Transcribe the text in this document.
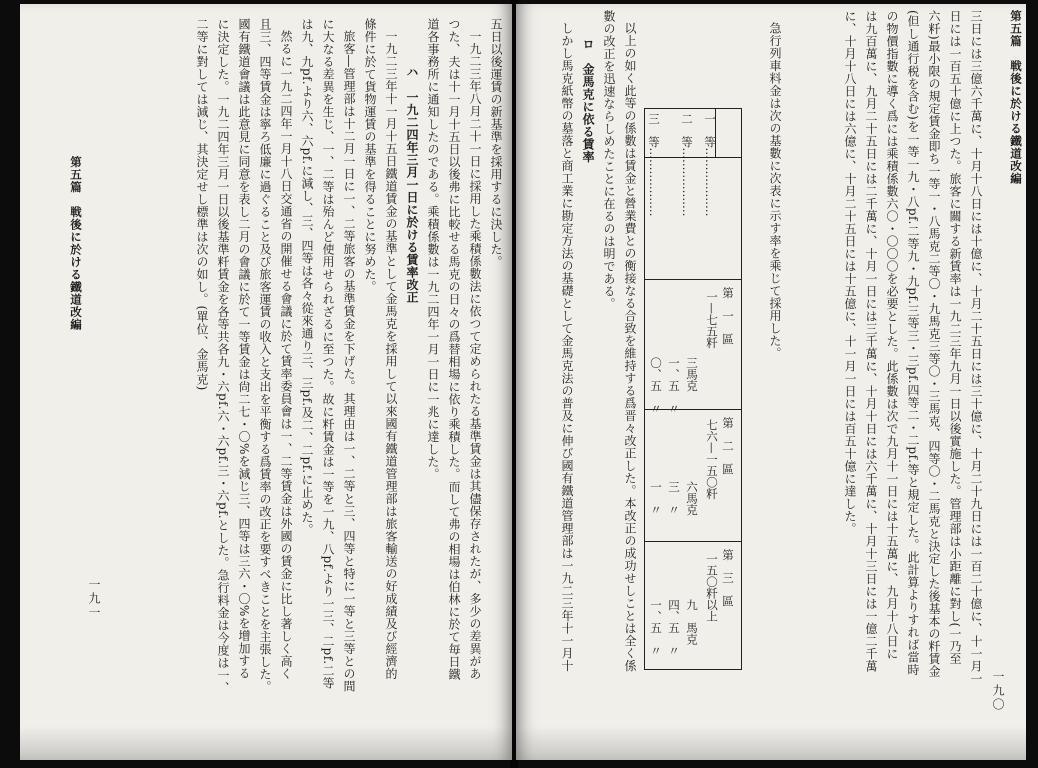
第五篇　戦後に於ける鐵道改編
三日には三億六千萬に、十月十八日には十億に、十月二十五日には三十億に、十月二十九日には一百二十億に、十一月一
日には一百五十億に上つた。旅客に關する新賃率は一九二三年九月一日以後實施した。管理部は小距離に對し(一乃至
六粁)最小限の規定賃金即ち一等一・八馬克二等〇・九馬克三等〇・三馬克、四等〇・二馬克と決定した後基本の粁賃金
(但し通行税を含む)を一等一九・八pf.二等九・九pf.三等三・三pf.四等二・二pf.等と規定した。此計算よりすれば當時
の物價指數に導く爲には乘積係數六〇・〇〇〇を必要とした。此係數は次で九月十一日には十五萬に、九月十八日に
は九百萬に、九月二十五日には二千萬に、十月一日には三千萬に、十月十日には六千萬に、十月十三日には一億二千萬
に、十月十八日には六億に、十月二十五日には十五億に、十一月一日には百五十億に達した。
急行列車料金は次の基數に次表に示す率を乘じて採用した。
三　等……………… 二　等……………… 一　等………………
第　一　區
一—七五粁
三馬克
一、五　〃
〇、五　〃
第　二　區
七六—一五〇粁
六馬克
三　〃
一　〃
第　三　區
一五〇粁以上
九　馬克
四、五　〃
一、五　〃
以上の如く此等の係數は賃金と營業費との衡接なる合致を維持する爲晋々改正した。本改正の成功せしことは全く係
數の改正を迅速ならしめたことに在るのは明である。
ロ　金馬克に依る賃率
しかし馬克紙幣の墓落と商工業に勘定方法の基礎として金馬克法の普及に伸び國有鐵道管理部は一九二三年十一月十
一九〇
五日以後運賃の新基準を採用するに決した。
一九二三年八月二十一日に採用した乘積係數法に依つて定められたる基準賃金は其儘保存されたが、多少の差異があ
つた、夫は十一月十五日以後弗に比較せる馬克の日々の爲替相場に依り乘積した。而して弗の相場は伯林に於て毎日鐵
道各事務所に通知したのである。乘積係數は一九二四年一月一日に一兆に達した。
ハ　一九二四年三月一日に於ける賃率改正
一九二三年十一月十五日鐵道賃金の基準として金馬克を採用して以來國有鐵道管理部は旅客輸送の好成績及び經濟的
條件に於て貨物運賃の基準を得ることに努めた。
旅客―管理部は十二月一日に一、二等旅客の基準賃金を下げた。其理由は一、二等と三、四等と特に一等と三等との間
に大なる差異を生じ、一、二等は殆んど使用せられざるに至つた。故に粁賃金は一等を一九、八pf.より一三、二pf.二等
は九、九pf.より六、六pf.に減し、三、四等は各々從來通り三、三pf.及二、二pf.に止めた。
然るに一九二四年一月十八日交通省の開催せる會議に於て賃率委員會は一、二等賃金は外國の賃金に比し著しく高く
且三、四等賃金は寧ろ低廉に過ぐること及び旅客運賃の收入と支出を平衡する爲賃率の改正を要すべきことを主張した。
國有鐵道會議は此意見に同意を表し二月の會議に於て一等賃金は尙二七・〇%を減じ三、四等は三六・〇%を增加する
に決定した。一九二四年三月一日以後基準粁賃金を各等共各九・六pf.六・六pf.三・六pf.とした。急行料金は今度は一、
二等に對しては減じ、其決定せし標準は次の如し。(單位、金馬克)
第五篇　戦後に於ける鐵道改編
一九一
